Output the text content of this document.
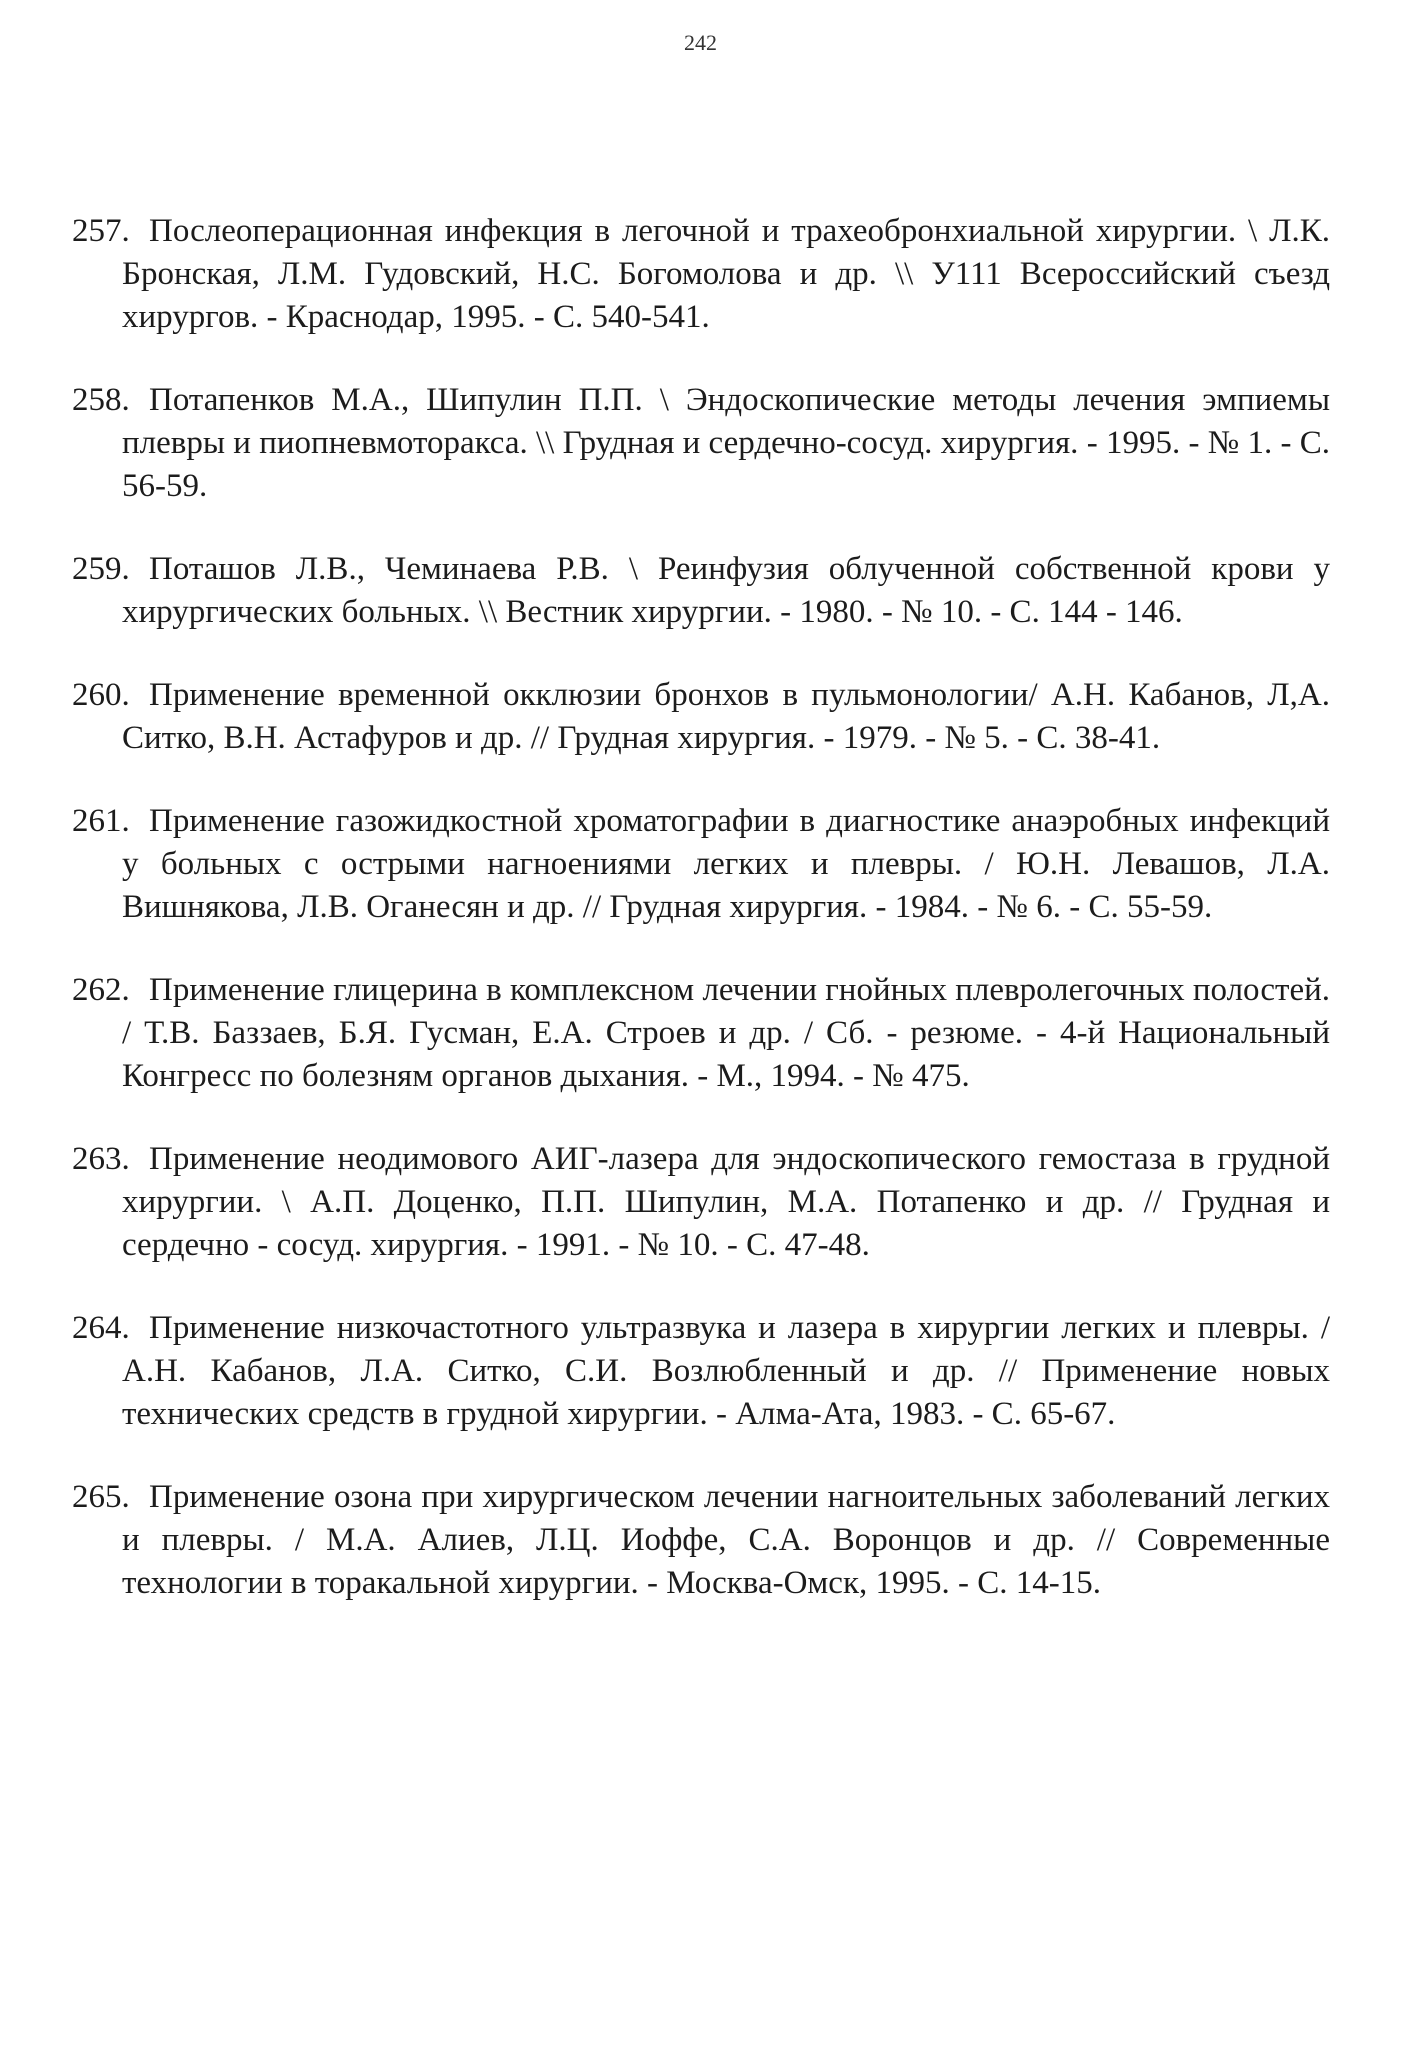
242
257. Послеоперационная инфекция в легочной и трахеобронхиальной хирургии. \ Л.К. Бронская, Л.М. Гудовский, Н.С. Богомолова и др. \\ У111 Всероссийский съезд хирургов. - Краснодар, 1995. - С. 540-541.
258. Потапенков М.А., Шипулин П.П. \ Эндоскопические методы лечения эмпиемы плевры и пиопневмоторакса. \\ Грудная и сердечно-сосуд. хирургия. - 1995. - № 1. - С. 56-59.
259. Поташов Л.В., Чеминаева Р.В. \ Реинфузия облученной собственной крови у хирургических больных. \\ Вестник хирургии. - 1980. - № 10. - С. 144 - 146.
260. Применение временной окклюзии бронхов в пульмонологии/ А.Н. Кабанов, Л,А. Ситко, В.Н. Астафуров и др. // Грудная хирургия. - 1979. - № 5. - С. 38-41.
261. Применение газожидкостной хроматографии в диагностике анаэробных инфекций у больных с острыми нагноениями легких и плевры. / Ю.Н. Левашов, Л.А. Вишнякова, Л.В. Оганесян и др. // Грудная хирургия. - 1984. - № 6. - С. 55-59.
262. Применение глицерина в комплексном лечении гнойных плевролегочных полостей. / Т.В. Баззаев, Б.Я. Гусман, Е.А. Строев и др. / Сб. - резюме. - 4-й Национальный Конгресс по болезням органов дыхания. - М., 1994. - № 475.
263. Применение неодимового АИГ-лазера для эндоскопического гемостаза в грудной хирургии. \ А.П. Доценко, П.П. Шипулин, М.А. Потапенко и др. // Грудная и сердечно - сосуд. хирургия. - 1991. - № 10. - С. 47-48.
264. Применение низкочастотного ультразвука и лазера в хирургии легких и плевры. / А.Н. Кабанов, Л.А. Ситко, С.И. Возлюбленный и др. // Применение новых технических средств в грудной хирургии. - Алма-Ата, 1983. - С. 65-67.
265. Применение озона при хирургическом лечении нагноительных заболеваний легких и плевры. / М.А. Алиев, Л.Ц. Иоффе, С.А. Воронцов и др. // Современные технологии в торакальной хирургии. - Москва-Омск, 1995. - С. 14-15.
